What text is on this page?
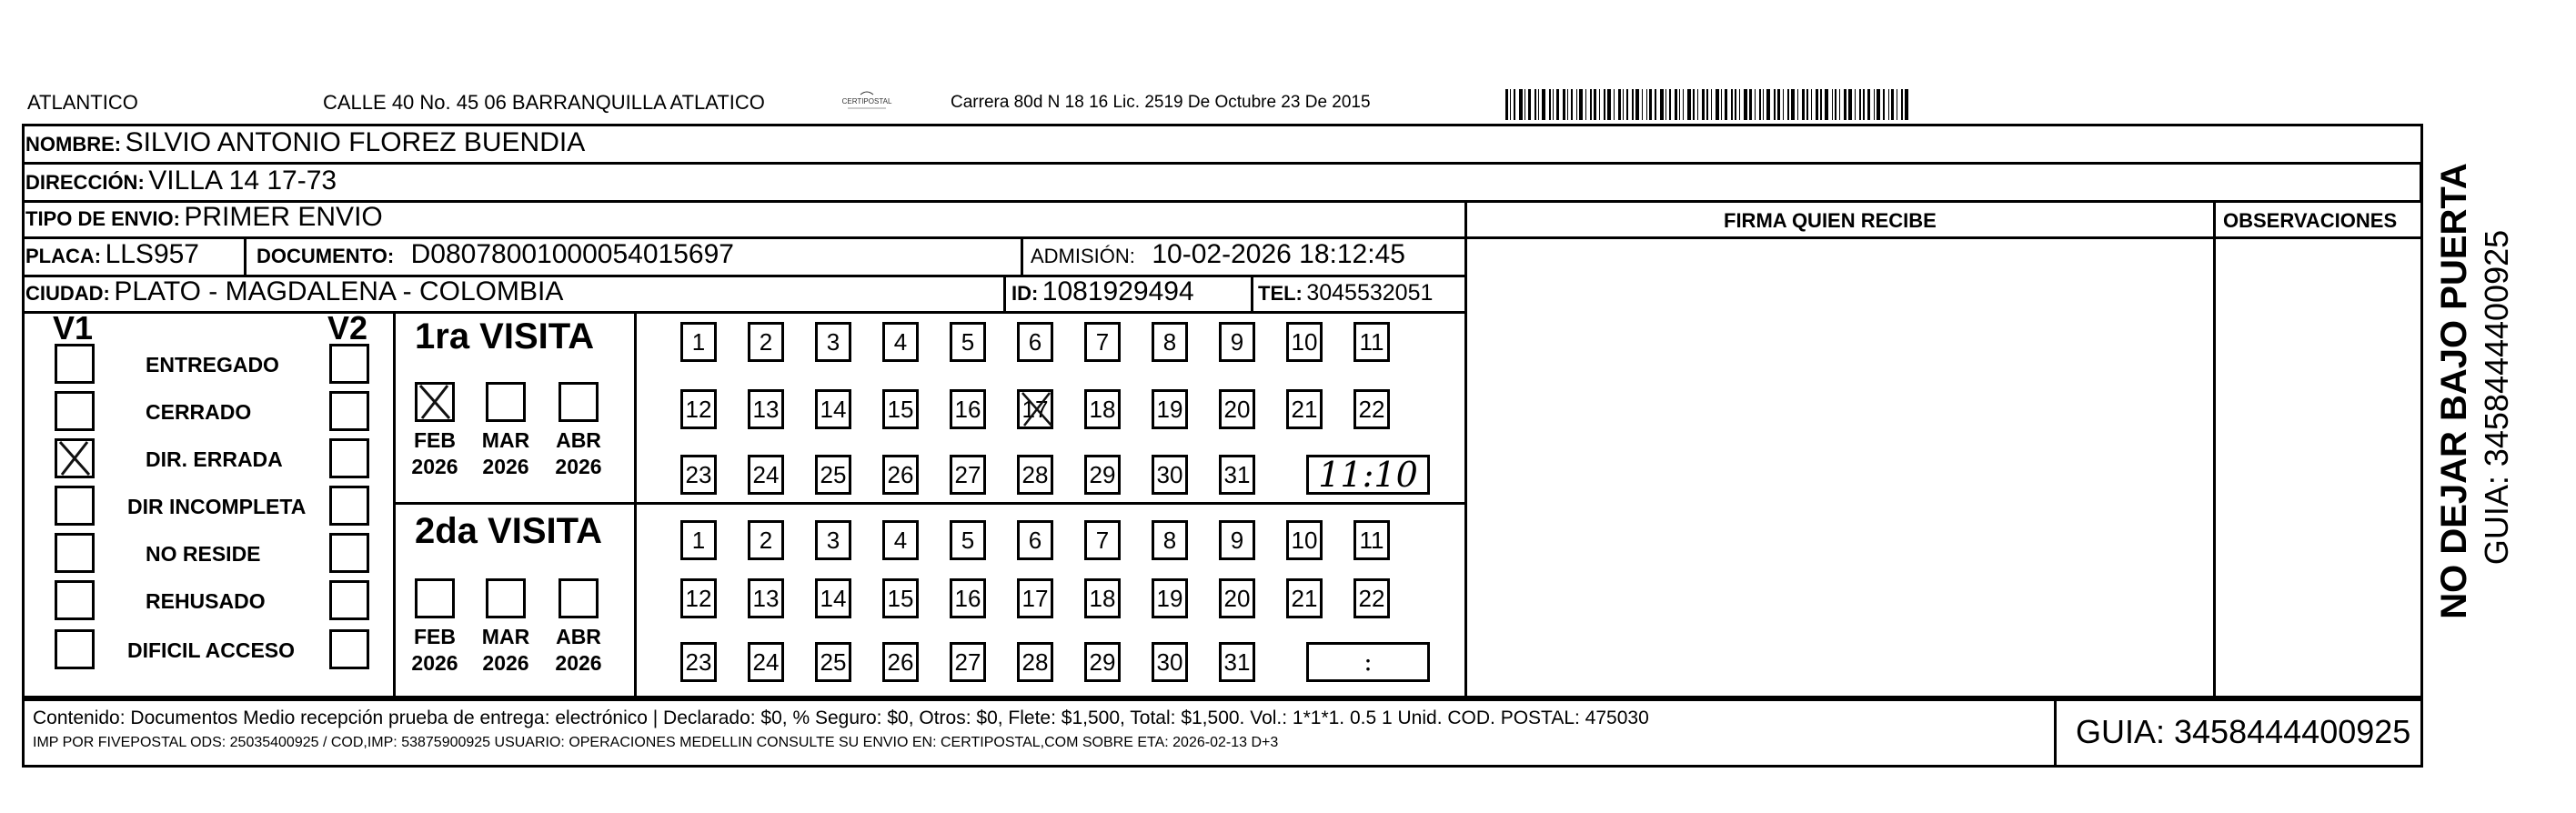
ATLANTICO	CALLE 40 No. 45 06 BARRANQUILLA ATLATICO	CERTIPOSTAL	Carrera 80d N 18 16 Lic. 2519 De Octubre 23 De 2015
NOMBRE: SILVIO ANTONIO FLOREZ BUENDIA
DIRECCIÓN: VILLA 14 17-73
TIPO DE ENVIO: PRIMER ENVIO	FIRMA QUIEN RECIBE	OBSERVACIONES
PLACA: LLS957	DOCUMENTO: D080780010000540156​97	ADMISIÓN: 10-02-2026 18:12:45
CIUDAD: PLATO - MAGDALENA - COLOMBIA	ID: 1081929494	TEL: 3045532051
V1	V2
ENTREGADO
CERRADO
DIR. ERRADA
DIR INCOMPLETA
NO RESIDE
REHUSADO
DIFICIL ACCESO
1ra VISITA
FEB
2026
MAR
2026
ABR
2026
1	2	3	4	5	6	7	8	9	10 11
12 13 14 15 16 17 18 19 20 21 22
23 24 25 26 27 28 29 30 31	11:10
2da VISITA
FEB
2026
MAR
2026
ABR
2026
1	2	3	4	5	6	7	8	9	10 11
12 13 14 15 16 17 18 19 20 21 22
23 24 25 26 27 28 29 30 31	:
Contenido: Documentos Medio recepción prueba de entrega: electrónico | Declarado: $0, % Seguro: $0, Otros: $0, Flete: $1,500, Total: $1,500. Vol.: 1*1*1. 0.5 1 Unid. COD. POSTAL: 475030
IMP POR FIVEPOSTAL ODS: 25035400925 / COD,IMP: 53875900925 USUARIO: OPERACIONES MEDELLIN CONSULTE SU ENVIO EN: CERTIPOSTAL,COM SOBRE ETA: 2026-02-13 D+3	GUIA: 3458444400925
NO DEJAR BAJO PUERTA GUIA: 3458444400925
